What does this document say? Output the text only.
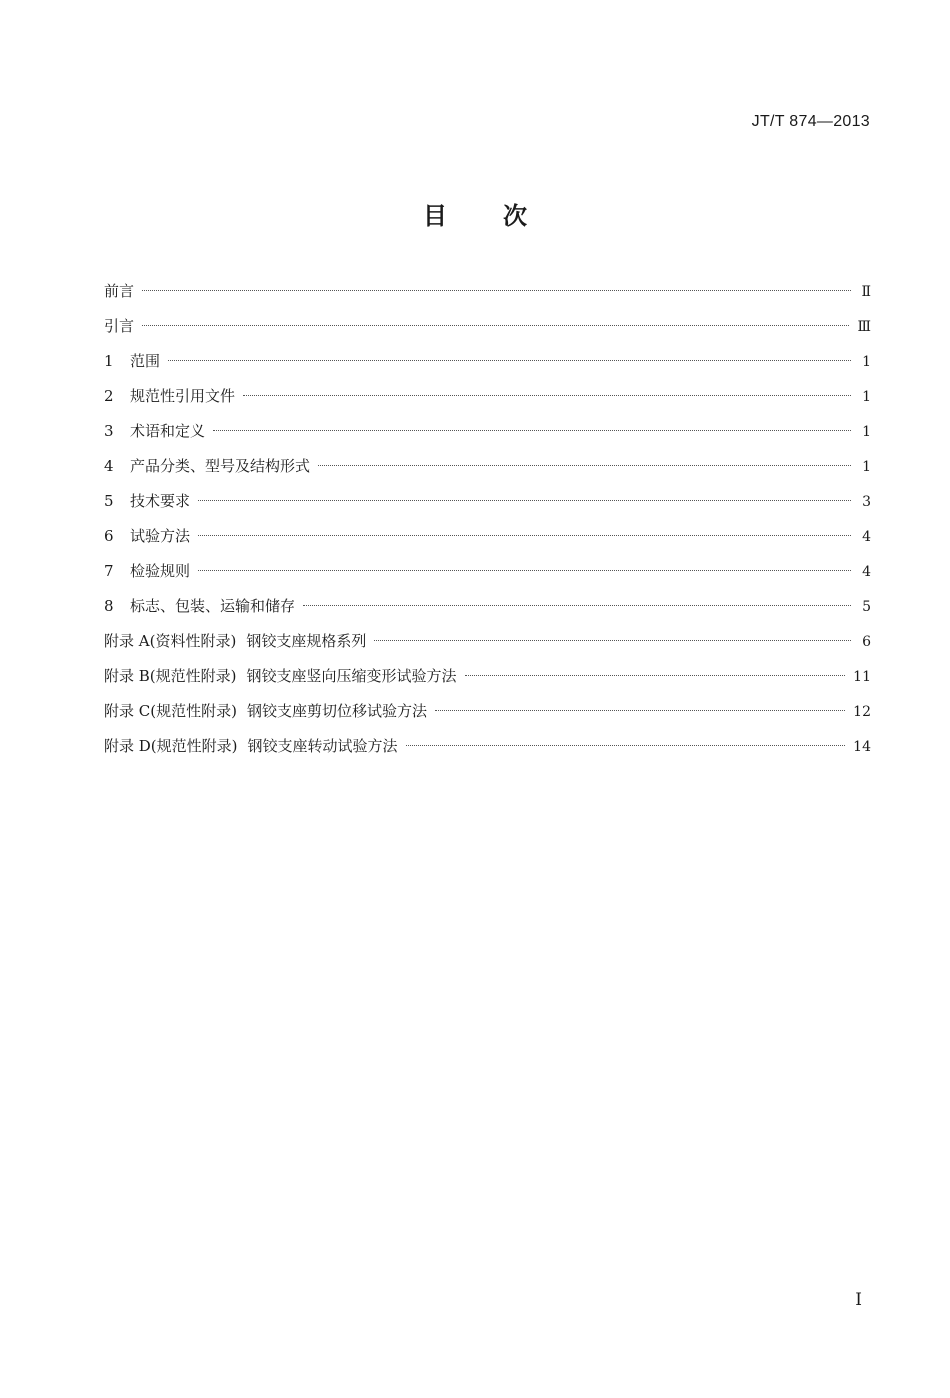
JT/T 874—2013
目 次
前言	Ⅱ
引言	Ⅲ
1	范围	1
2	规范性引用文件	1
3	术语和定义	1
4	产品分类、型号及结构形式	1
5	技术要求	3
6	试验方法	4
7	检验规则	4
8	标志、包装、运输和储存	5
附录 A(资料性附录) 钢铰支座规格系列	6
附录 B(规范性附录) 钢铰支座竖向压缩变形试验方法	11
附录 C(规范性附录) 钢铰支座剪切位移试验方法	12
附录 D(规范性附录) 钢铰支座转动试验方法	14
I
